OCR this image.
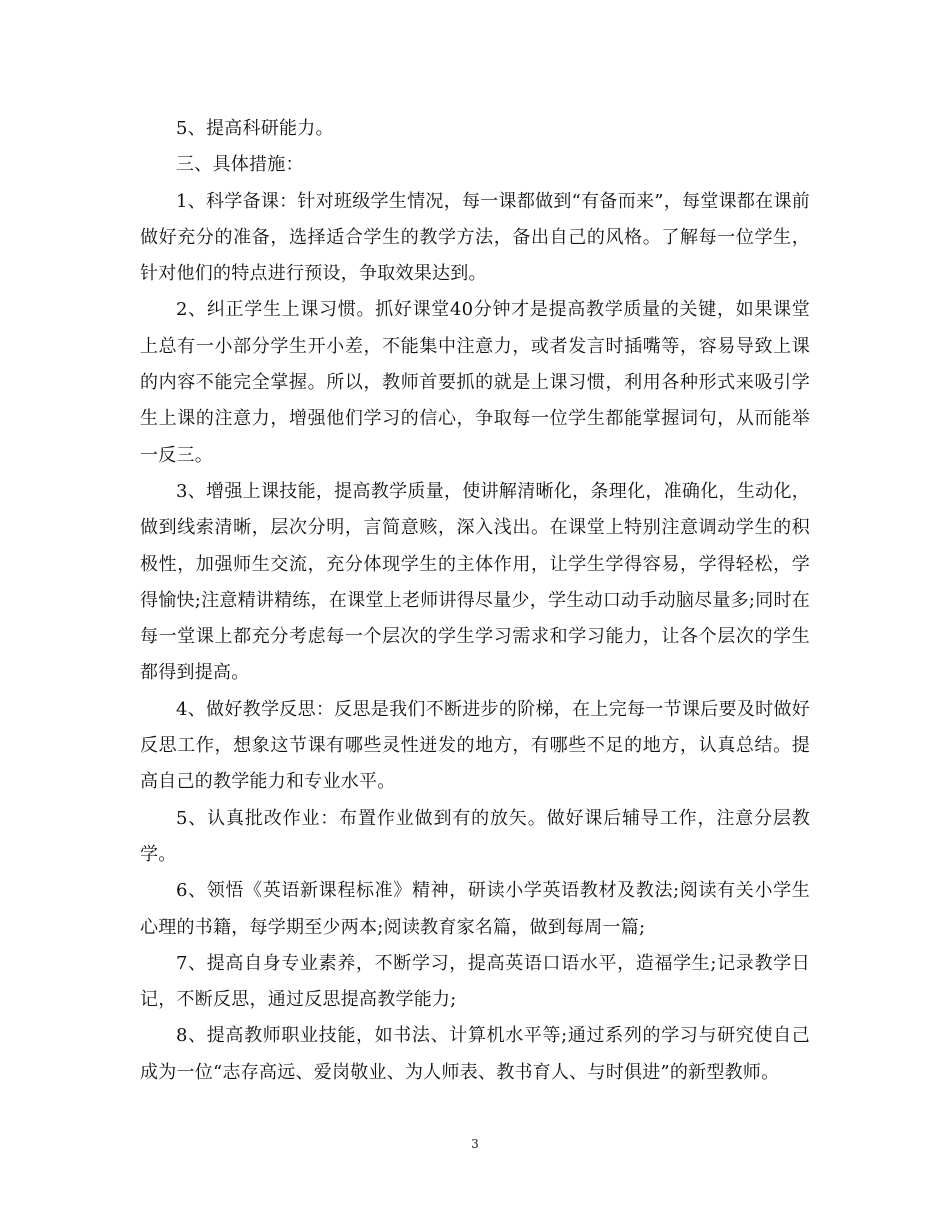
5、提高科研能力。

三、具体措施：

1、科学备课：针对班级学生情况，每一课都做到“有备而来”，每堂课都在课前做好充分的准备，选择适合学生的教学方法，备出自己的风格。了解每一位学生，针对他们的特点进行预设，争取效果达到。

2、纠正学生上课习惯。抓好课堂40分钟才是提高教学质量的关键，如果课堂上总有一小部分学生开小差，不能集中注意力，或者发言时插嘴等，容易导致上课的内容不能完全掌握。所以，教师首要抓的就是上课习惯，利用各种形式来吸引学生上课的注意力，增强他们学习的信心，争取每一位学生都能掌握词句，从而能举一反三。

3、增强上课技能，提高教学质量，使讲解清晰化，条理化，准确化，生动化，做到线索清晰，层次分明，言简意赅，深入浅出。在课堂上特别注意调动学生的积极性，加强师生交流，充分体现学生的主体作用，让学生学得容易，学得轻松，学得愉快;注意精讲精练，在课堂上老师讲得尽量少，学生动口动手动脑尽量多;同时在每一堂课上都充分考虑每一个层次的学生学习需求和学习能力，让各个层次的学生都得到提高。

4、做好教学反思：反思是我们不断进步的阶梯，在上完每一节课后要及时做好反思工作，想象这节课有哪些灵性迸发的地方，有哪些不足的地方，认真总结。提高自己的教学能力和专业水平。

5、认真批改作业：布置作业做到有的放矢。做好课后辅导工作，注意分层教学。

6、领悟《英语新课程标准》精神，研读小学英语教材及教法;阅读有关小学生心理的书籍，每学期至少两本;阅读教育家名篇，做到每周一篇;

7、提高自身专业素养，不断学习，提高英语口语水平，造福学生;记录教学日记，不断反思，通过反思提高教学能力;

8、提高教师职业技能，如书法、计算机水平等;通过系列的学习与研究使自己成为一位“志存高远、爱岗敬业、为人师表、教书育人、与时俱进”的新型教师。

3
